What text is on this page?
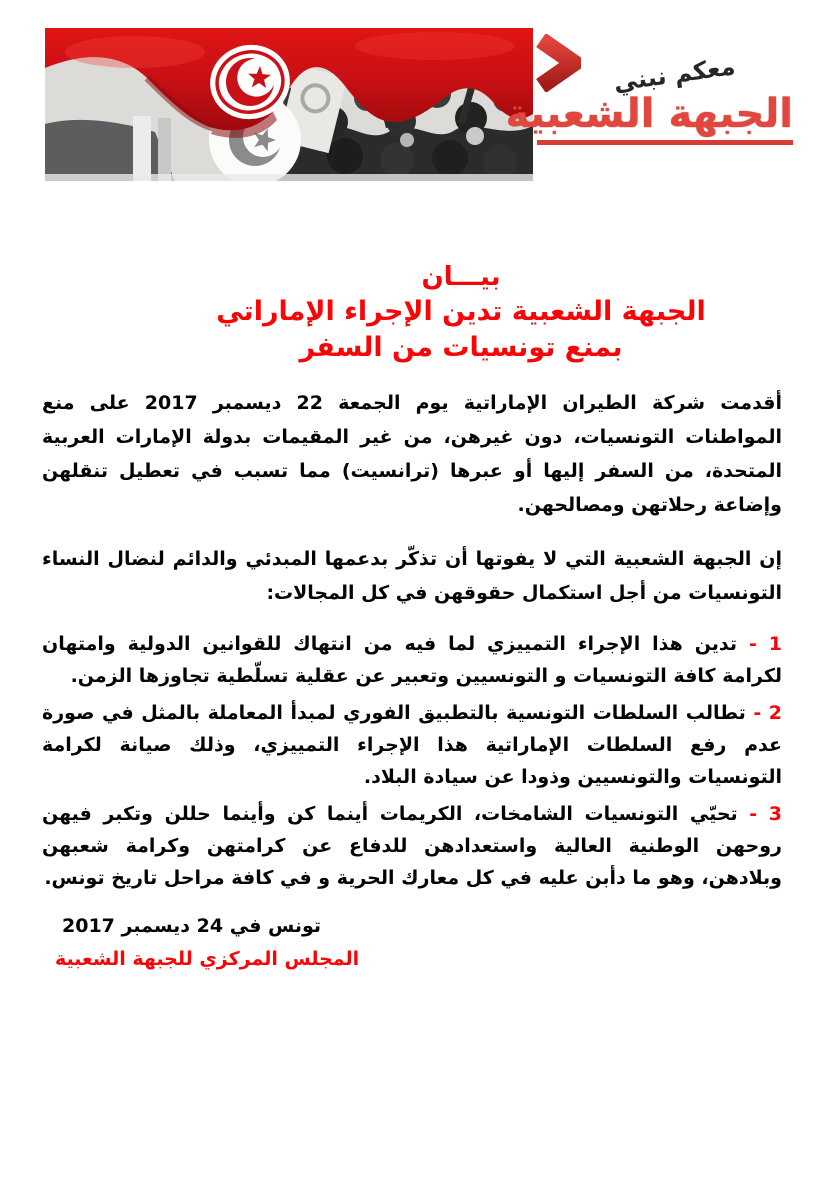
معكم نبني
الجبهة الشعبية
بيـــان
الجبهة الشعبية تدين الإجراء الإماراتي
بمنع تونسيات من السفر

أقدمت شركة الطيران الإماراتية يوم الجمعة 22 ديسمبر 2017 على منع المواطنات التونسيات، دون غيرهن، من غير المقيمات بدولة الإمارات العربية المتحدة، من السفر إليها أو عبرها (ترانسيت) مما تسبب في تعطيل تنقلهن وإضاعة رحلاتهن ومصالحهن.

إن الجبهة الشعبية التي لا يفوتها أن تذكّر بدعمها المبدئي والدائم لنضال النساء التونسيات من أجل استكمال حقوقهن في كل المجالات:

1 - تدين هذا الإجراء التمييزي لما فيه من انتهاك للقوانين الدولية وامتهان لكرامة كافة التونسيات و التونسيين وتعبير عن عقلية تسلّطية تجاوزها الزمن.
2 - تطالب السلطات التونسية بالتطبيق الفوري لمبدأ المعاملة بالمثل في صورة عدم رفع السلطات الإماراتية هذا الإجراء التمييزي، وذلك صيانة لكرامة التونسيات والتونسيين وذودا عن سيادة البلاد.
3 - تحيّي التونسيات الشامخات، الكريمات أينما كن وأينما حللن وتكبر فيهن روحهن الوطنية العالية واستعدادهن للدفاع عن كرامتهن وكرامة شعبهن وبلادهن، وهو ما دأبن عليه في كل معارك الحرية و في كافة مراحل تاريخ تونس.
تونس في 24 ديسمبر 2017
المجلس المركزي للجبهة الشعبية
